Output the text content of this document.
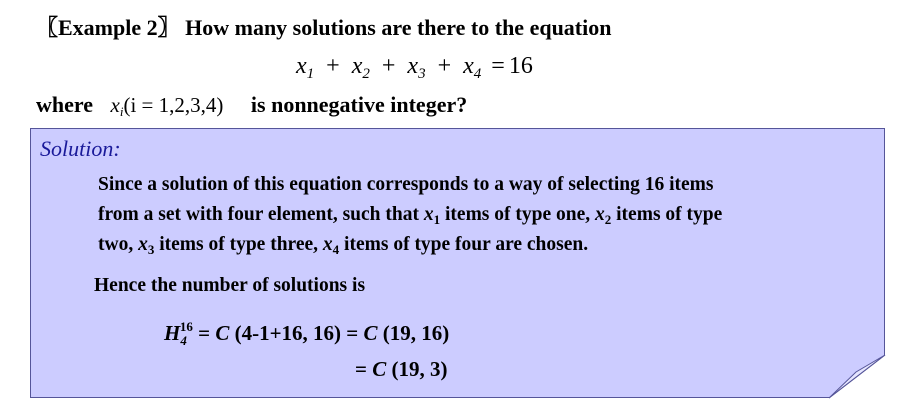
〖Example 2〗 How many solutions are there to the equation
$x_1 + x_2 + x_3 + x_4 = 16$
where $x_i(i = 1,2,3,4)$ is nonnegative integer?
Solution:
Since a solution of this equation corresponds to a way of selecting 16 items
from a set with four element, such that $x_1$ items of type one, $x_2$ items of type
two, $x_3$ items of type three, $x_4$ items of type four are chosen.
Hence the number of solutions is
$H_4^{16} = C$ (4-1+16, 16) = C (19, 16)
= C (19, 3)
